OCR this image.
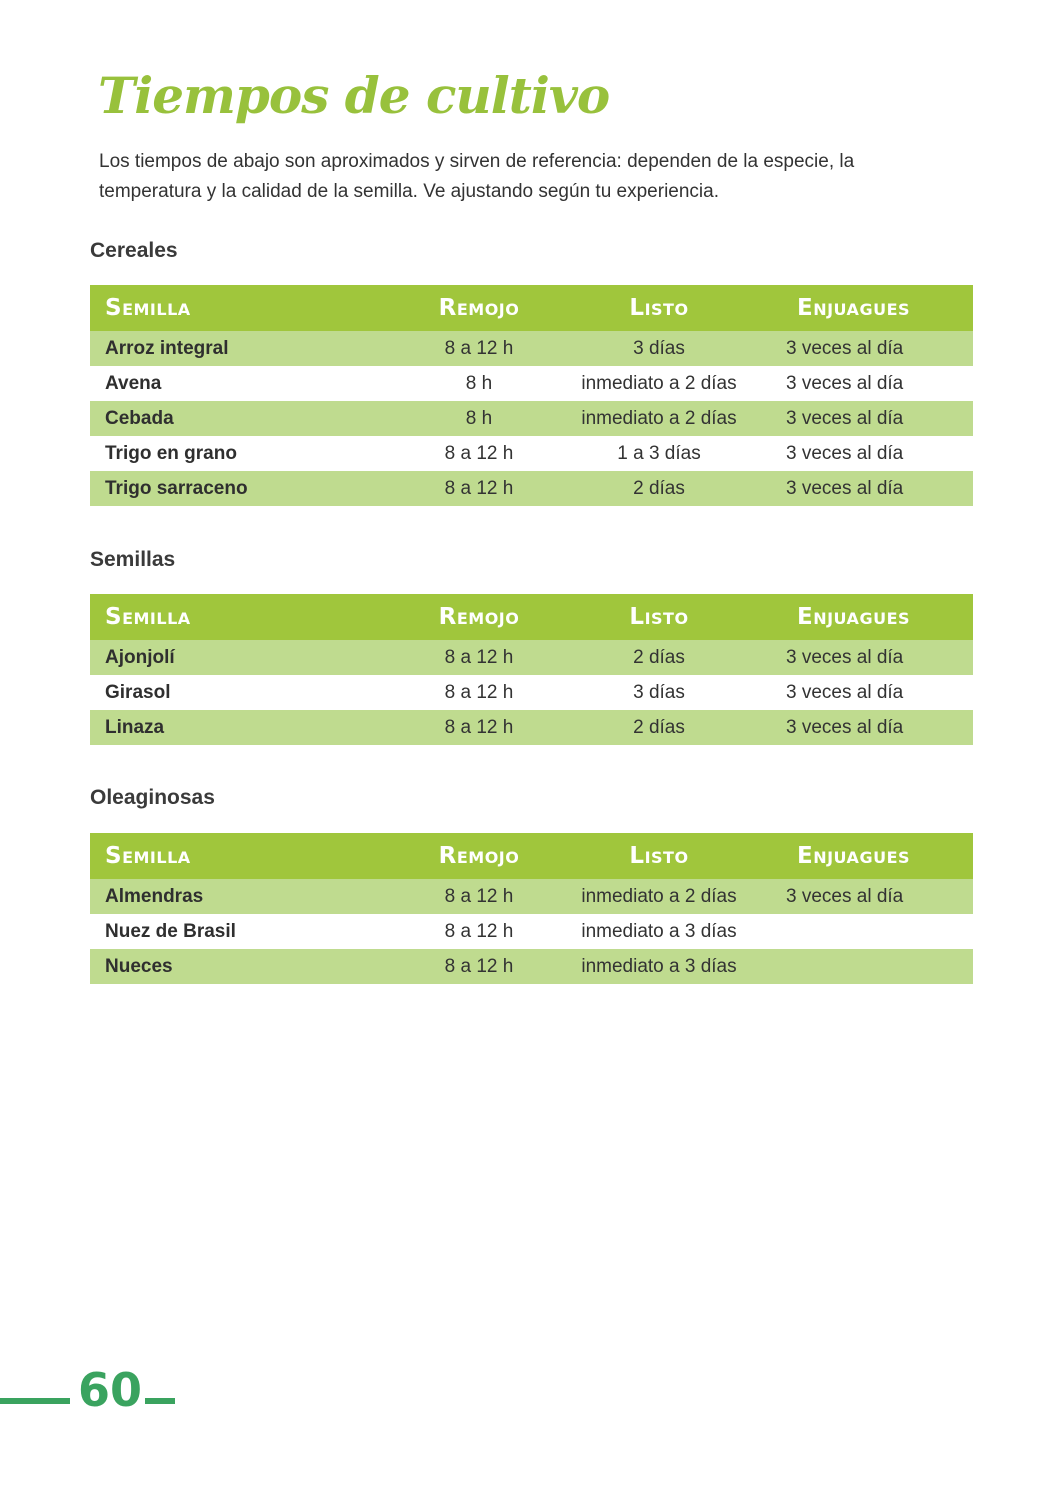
Tiempos de cultivo

Los tiempos de abajo son aproximados y sirven de referencia: dependen de la especie, la temperatura y la calidad de la semilla. Ve ajustando según tu experiencia.

Cereales
Semilla	Remojo	Listo	Enjuagues
Arroz integral	8 a 12 h	3 días	3 veces al día
Avena	8 h	inmediato a 2 días	3 veces al día
Cebada	8 h	inmediato a 2 días	3 veces al día
Trigo en grano	8 a 12 h	1 a 3 días	3 veces al día
Trigo sarraceno	8 a 12 h	2 días	3 veces al día
Semillas
Semilla	Remojo	Listo	Enjuagues
Ajonjolí	8 a 12 h	2 días	3 veces al día
Girasol	8 a 12 h	3 días	3 veces al día
Linaza	8 a 12 h	2 días	3 veces al día
Oleaginosas
Semilla	Remojo	Listo	Enjuagues
Almendras	8 a 12 h	inmediato a 2 días	3 veces al día
Nuez de Brasil	8 a 12 h	inmediato a 3 días	
Nueces	8 a 12 h	inmediato a 3 días	
60
